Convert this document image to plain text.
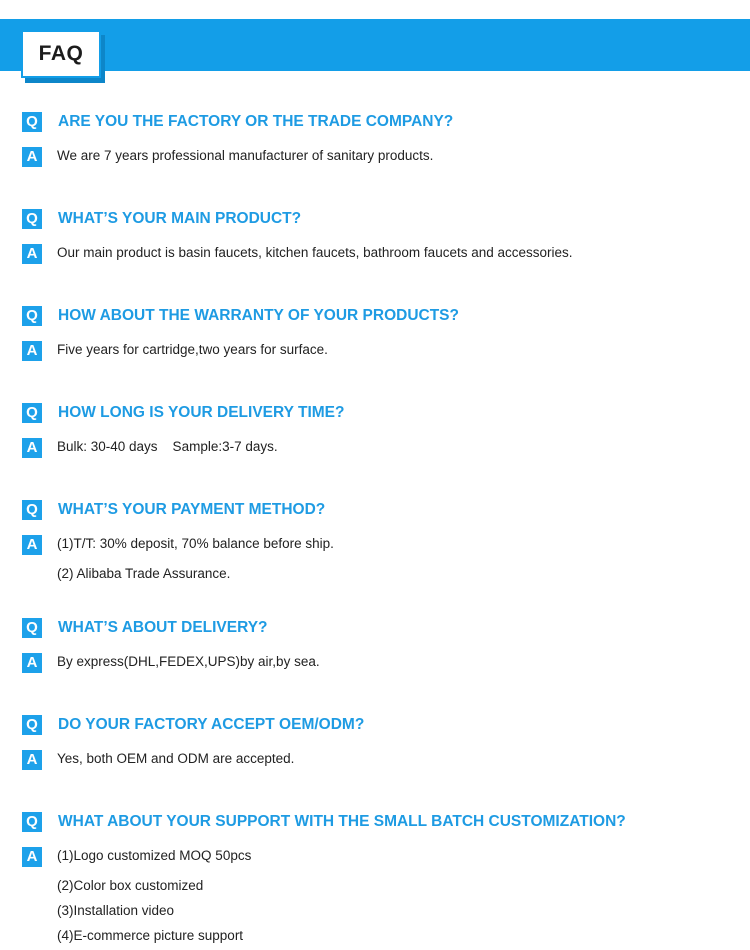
FAQ
Q ARE YOU THE FACTORY OR THE TRADE COMPANY?
A	We are 7 years professional manufacturer of sanitary products.
Q WHAT’S YOUR MAIN PRODUCT?
A	Our main product is basin faucets, kitchen faucets, bathroom faucets and accessories.
Q HOW ABOUT THE WARRANTY OF YOUR PRODUCTS?
A	Five years for cartridge,two years for surface.
Q HOW LONG IS YOUR DELIVERY TIME?
A	Bulk: 30-40 days    Sample:3-7 days.
Q WHAT’S YOUR PAYMENT METHOD?
A	(1)T/T: 30% deposit, 70% balance before ship.
(2) Alibaba Trade Assurance.
Q WHAT’S ABOUT DELIVERY?
A	By express(DHL,FEDEX,UPS)by air,by sea.
Q DO YOUR FACTORY ACCEPT OEM/ODM?
A	Yes, both OEM and ODM are accepted.
Q WHAT ABOUT YOUR SUPPORT WITH THE SMALL BATCH CUSTOMIZATION?
A	(1)Logo customized MOQ 50pcs
(2)Color box customized
(3)Installation video
(4)E-commerce picture support
